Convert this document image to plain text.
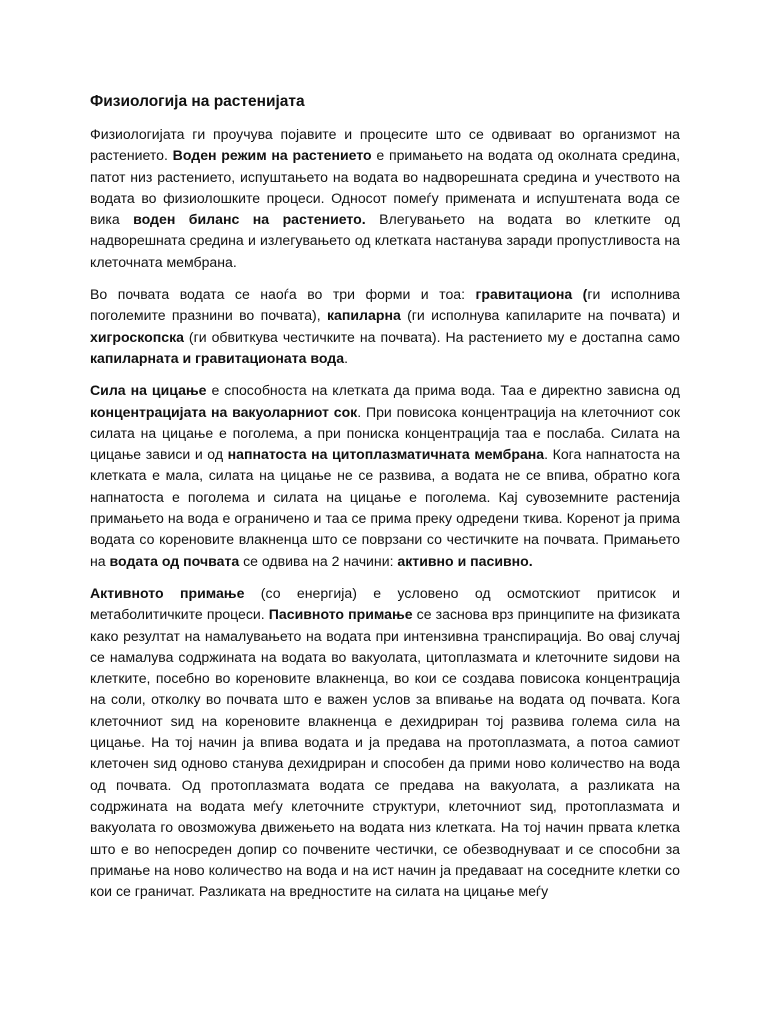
Физиологија на растенијата

Физиологијата ги проучува појавите и процесите што се одвиваат во организмот на растението. Воден режим на растението е примањето на водата од околната средина, патот низ растението, испуштањето на водата во надворешната средина и учеството на водата во физиолошките процеси. Односот помеѓу примената и испуштената вода се вика воден биланс на растението. Влегувањето на водата во клетките од надворешната средина и излегувањето од клетката настанува заради пропустливоста на клеточната мембрана.

Во почвата водата се наоѓа во три форми и тоа: гравитациона (ги исполнива поголемите празнини во почвата), капиларна (ги исполнува капиларите на почвата) и хигроскопска (ги обвиткува честичките на почвата). На растението му е достапна само капиларната и гравитационата вода.

Сила на цицање е способноста на клетката да прима вода. Таа е директно зависна од концентрацијата на вакуоларниот сок. При повисока концентрација на клеточниот сок силата на цицање е поголема, а при пониска концентрација таа е послаба. Силата на цицање зависи и од напнатоста на цитоплазматичната мембрана. Кога напнатоста на клетката е мала, силата на цицање не се развива, а водата не се впива, обратно кога напнатоста е поголема и силата на цицање е поголема. Кај сувоземните растенија примањето на вода е ограничено и таа се прима преку одредени ткива. Коренот ја прима водата со кореновите влакненца што се поврзани со честичките на почвата. Примањето на водата од почвата се одвива на 2 начини: активно и пасивно.

Активното примање (со енергија) е условено од осмотскиот притисок и метаболитичките процеси. Пасивното примање се заснова врз принципите на физиката како резултат на намалувањето на водата при интензивна транспирација. Во овај случај се намалува содржината на водата во вакуолата, цитоплазмата и клеточните ѕидови на клетките, посебно во кореновите влакненца, во кои се создава повисока концентрација на соли, отколку во почвата што е важен услов за впивање на водата од почвата. Кога клеточниот ѕид на кореновите влакненца е дехидриран тој развива голема сила на цицање. На тој начин ја впива водата и ја предава на протоплазмата, а потоа самиот клеточен ѕид одново станува дехидриран и способен да прими ново количество на вода од почвата. Од протоплазмата водата се предава на вакуолата, а разликата на содржината на водата меѓу клеточните структури, клеточниот ѕид, протоплазмата и вакуолата го овозможува движењето на водата низ клетката. На тој начин првата клетка што е во непосреден допир со почвените честички, се обезводнуваат и се способни за примање на ново количество на вода и на ист начин ја предаваат на соседните клетки со кои се граничат. Разликата на вредностите на силата на цицање меѓу
